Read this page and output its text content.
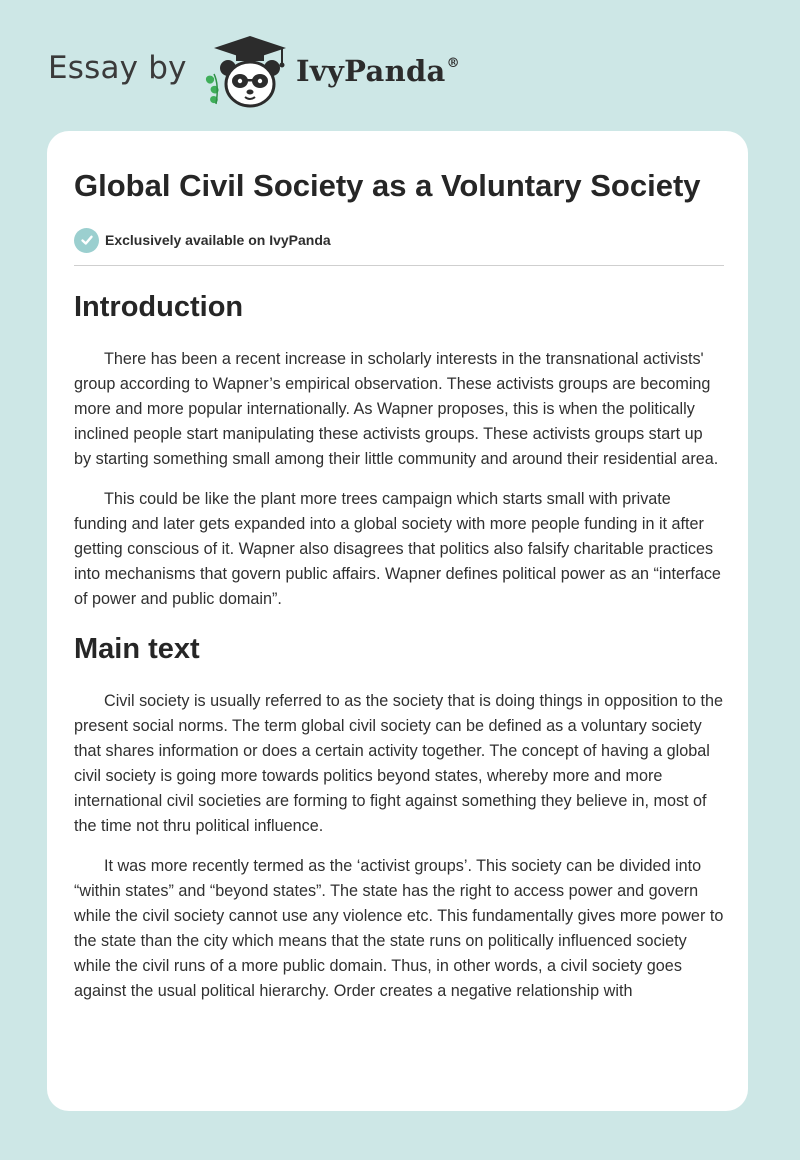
Essay by	IvyPanda®
Global Civil Society as a Voluntary Society
Exclusively available on IvyPanda
Introduction

There has been a recent increase in scholarly interests in the transnational activists' group according to Wapner’s empirical observation. These activists groups are becoming more and more popular internationally. As Wapner proposes, this is when the politically inclined people start manipulating these activists groups. These activists groups start up by starting something small among their little community and around their residential area.

This could be like the plant more trees campaign which starts small with private funding and later gets expanded into a global society with more people funding in it after getting conscious of it. Wapner also disagrees that politics also falsify charitable practices into mechanisms that govern public affairs. Wapner defines political power as an “interface of power and public domain”.

Main text

Civil society is usually referred to as the society that is doing things in opposition to the present social norms. The term global civil society can be defined as a voluntary society that shares information or does a certain activity together. The concept of having a global civil society is going more towards politics beyond states, whereby more and more international civil societies are forming to fight against something they believe in, most of the time not thru political influence.

It was more recently termed as the ‘activist groups’. This society can be divided into “within states” and “beyond states”. The state has the right to access power and govern while the civil society cannot use any violence etc. This fundamentally gives more power to the state than the city which means that the state runs on politically influenced society while the civil runs of a more public domain. Thus, in other words, a civil society goes against the usual political hierarchy. Order creates a negative relationship with
